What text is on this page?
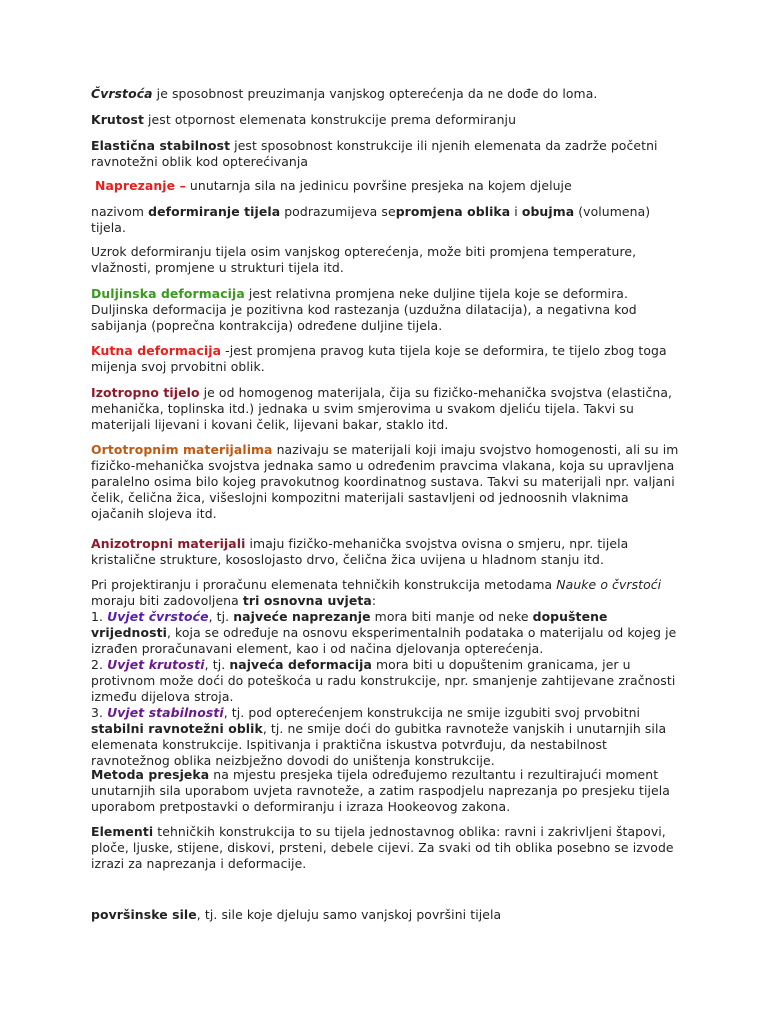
Čvrstoća je sposobnost preuzimanja vanjskog opterećenja da ne dođe do loma.

Krutost jest otpornost elemenata konstrukcije prema deformiranju

Elastična stabilnost jest sposobnost konstrukcije ili njenih elemenata da zadrže početni ravnotežni oblik kod opterećivanja

Naprezanje – unutarnja sila na jedinicu površine presjeka na kojem djeluje

nazivom deformiranje tijela podrazumijeva sepromjena oblika i obujma (volumena) tijela.

Uzrok deformiranju tijela osim vanjskog opterećenja, može biti promjena temperature, vlažnosti, promjene u strukturi tijela itd.

Duljinska deformacija jest relativna promjena neke duljine tijela koje se deformira. Duljinska deformacija je pozitivna kod rastezanja (uzdužna dilatacija), a negativna kod sabijanja (poprečna kontrakcija) određene duljine tijela.

Kutna deformacija -jest promjena pravog kuta tijela koje se deformira, te tijelo zbog toga mijenja svoj prvobitni oblik.

Izotropno tijelo je od homogenog materijala, čija su fizičko-mehanička svojstva (elastična, mehanička, toplinska itd.) jednaka u svim smjerovima u svakom djeliću tijela. Takvi su materijali lijevani i kovani čelik, lijevani bakar, staklo itd.

Ortotropnim materijalima nazivaju se materijali koji imaju svojstvo homogenosti, ali su im fizičko-mehanička svojstva jednaka samo u određenim pravcima vlakana, koja su upravljena paralelno osima bilo kojeg pravokutnog koordinatnog sustava. Takvi su materijali npr. valjani čelik, čelična žica, višeslojni kompozitni materijali sastavljeni od jednoosnih vlaknima ojačanih slojeva itd.

Anizotropni materijali imaju fizičko-mehanička svojstva ovisna o smjeru, npr. tijela kristalične strukture, kososlojasto drvo, čelična žica uvijena u hladnom stanju itd.

Pri projektiranju i proračunu elemenata tehničkih konstrukcija metodama Nauke o čvrstoći moraju biti zadovoljena tri osnovna uvjeta:
1. Uvjet čvrstoće, tj. najveće naprezanje mora biti manje od neke dopuštene vrijednosti, koja se određuje na osnovu eksperimentalnih podataka o materijalu od kojeg je izrađen proračunavani element, kao i od načina djelovanja opterećenja.
2. Uvjet krutosti, tj. najveća deformacija mora biti u dopuštenim granicama, jer u protivnom može doći do poteškoća u radu konstrukcije, npr. smanjenje zahtijevane zračnosti između dijelova stroja.
3. Uvjet stabilnosti, tj. pod opterećenjem konstrukcija ne smije izgubiti svoj prvobitni stabilni ravnotežni oblik, tj. ne smije doći do gubitka ravnoteže vanjskih i unutarnjih sila elemenata konstrukcije. Ispitivanja i praktična iskustva potvrđuju, da nestabilnost ravnotežnog oblika neizbježno dovodi do uništenja konstrukcije.

Metoda presjeka na mjestu presjeka tijela određujemo rezultantu i rezultirajući moment unutarnjih sila uporabom uvjeta ravnoteže, a zatim raspodjelu naprezanja po presjeku tijela uporabom pretpostavki o deformiranju i izraza Hookeovog zakona.

Elementi tehničkih konstrukcija to su tijela jednostavnog oblika: ravni i zakrivljeni štapovi, ploče, ljuske, stijene, diskovi, prsteni, debele cijevi. Za svaki od tih oblika posebno se izvode izrazi za naprezanja i deformacije.

površinske sile, tj. sile koje djeluju samo vanjskoj površini tijela
